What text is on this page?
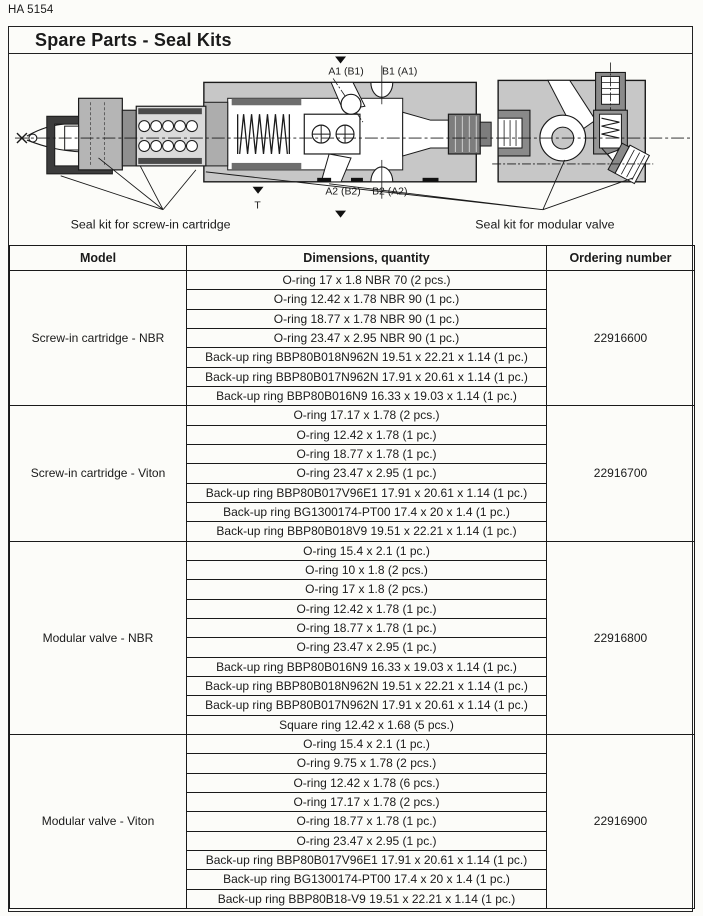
HA 5154
Spare Parts - Seal Kits
A1 (B1) B1 (A1)
A2 (B2) B2 (A2)
T
Seal kit for screw-in cartridge	Seal kit for modular valve
Model	Dimensions, quantity	Ordering number
Screw-in cartridge - NBR	O-ring 17 x 1.8 NBR 70 (2 pcs.)	22916600
	O-ring 12.42 x 1.78 NBR 90 (1 pc.)	
	O-ring 18.77 x 1.78 NBR 90 (1 pc.)	
	O-ring 23.47 x 2.95 NBR 90 (1 pc.)	
	Back-up ring BBP80B018N962N 19.51 x 22.21 x 1.14 (1 pc.)	
	Back-up ring BBP80B017N962N 17.91 x 20.61 x 1.14 (1 pc.)	
	Back-up ring BBP80B016N9 16.33 x 19.03 x 1.14 (1 pc.)	
Screw-in cartridge - Viton	O-ring 17.17 x 1.78 (2 pcs.)	22916700
	O-ring 12.42 x 1.78 (1 pc.)	
	O-ring 18.77 x 1.78 (1 pc.)	
	O-ring 23.47 x 2.95 (1 pc.)	
	Back-up ring BBP80B017V96E1 17.91 x 20.61 x 1.14 (1 pc.)	
	Back-up ring BG1300174-PT00 17.4 x 20 x 1.4 (1 pc.)	
	Back-up ring BBP80B018V9 19.51 x 22.21 x 1.14 (1 pc.)	
Modular valve - NBR	O-ring 15.4 x 2.1 (1 pc.)	22916800
	O-ring 10 x 1.8 (2 pcs.)	
	O-ring 17 x 1.8 (2 pcs.)	
	O-ring 12.42 x 1.78 (1 pc.)	
	O-ring 18.77 x 1.78 (1 pc.)	
	O-ring 23.47 x 2.95 (1 pc.)	
	Back-up ring BBP80B016N9 16.33 x 19.03 x 1.14 (1 pc.)	
	Back-up ring BBP80B018N962N 19.51 x 22.21 x 1.14 (1 pc.)	
	Back-up ring BBP80B017N962N 17.91 x 20.61 x 1.14 (1 pc.)	
	Square ring 12.42 x 1.68 (5 pcs.)	
Modular valve - Viton	O-ring 15.4 x 2.1 (1 pc.)	22916900
	O-ring 9.75 x 1.78 (2 pcs.)	
	O-ring 12.42 x 1.78 (6 pcs.)	
	O-ring 17.17 x 1.78 (2 pcs.)	
	O-ring 18.77 x 1.78 (1 pc.)	
	O-ring 23.47 x 2.95 (1 pc.)	
	Back-up ring BBP80B017V96E1 17.91 x 20.61 x 1.14 (1 pc.)	
	Back-up ring BG1300174-PT00 17.4 x 20 x 1.4 (1 pc.)	
	Back-up ring BBP80B18-V9 19.51 x 22.21 x 1.14 (1 pc.)	
